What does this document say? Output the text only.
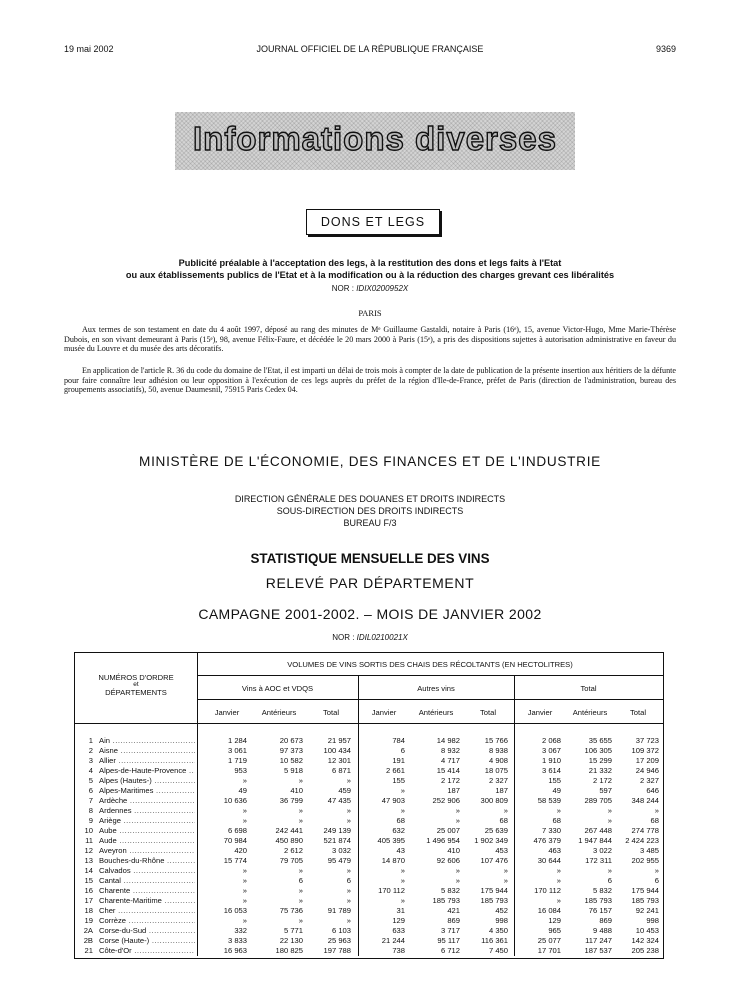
19 mai 2002	JOURNAL OFFICIEL DE LA RÉPUBLIQUE FRANÇAISE	9369
Informations diverses
DONS ET LEGS
Publicité préalable à l'acceptation des legs, à la restitution des dons et legs faits à l'Etat
ou aux établissements publics de l'Etat et à la modification ou à la réduction des charges grevant ces libéralités
NOR : IDIX0200952X
PARIS
Aux termes de son testament en date du 4 août 1997, déposé au rang des minutes de Mᵉ Guillaume Gastaldi, notaire à Paris (16ᵉ), 15, avenue Victor-Hugo, Mme Marie-Thérèse Dubois, en son vivant demeurant à Paris (15ᵉ), 98, avenue Félix-Faure, et décédée le 20 mars 2000 à Paris (15ᵉ), a pris des dispositions sujettes à autorisation administrative en faveur du musée du Louvre et du musée des arts décoratifs.
En application de l'article R. 36 du code du domaine de l'Etat, il est imparti un délai de trois mois à compter de la date de publication de la présente insertion aux héritiers de la défunte pour faire connaître leur adhésion ou leur opposition à l'exécution de ces legs auprès du préfet de la région d'Ile-de-France, préfet de Paris (direction de l'administration, bureau des groupements associatifs), 50, avenue Daumesnil, 75915 Paris Cedex 04.
MINISTÈRE DE L'ÉCONOMIE, DES FINANCES ET DE L'INDUSTRIE
DIRECTION GÉNÉRALE DES DOUANES ET DROITS INDIRECTS
SOUS-DIRECTION DES DROITS INDIRECTS
BUREAU F/3
STATISTIQUE MENSUELLE DES VINS
RELEVÉ PAR DÉPARTEMENT
CAMPAGNE 2001-2002. – MOIS DE JANVIER 2002
NOR : IDIL0210021X
NUMÉROS D'ORDRE
et
DÉPARTEMENTS
VOLUMES DE VINS SORTIS DES CHAIS DES RÉCOLTANTS (EN HECTOLITRES)
Vins à AOC et VDQS	Autres vins	Total
Janvier	Antérieurs	Total	Janvier	Antérieurs	Total	Janvier	Antérieurs	Total
1 Ain .....	1 284	20 673	21 957	784	14 982	15 766	2 068	35 655	37 723
2 Aisne .....	3 061	97 373	100 434	6	8 932	8 938	3 067	106 305	109 372
3 Allier .....	1 719	10 582	12 301	191	4 717	4 908	1 910	15 299	17 209
4 Alpes-de-Haute-Provence .....	953	5 918	6 871	2 661	15 414	18 075	3 614	21 332	24 946
5 Alpes (Hautes-) .....	»	»	»	155	2 172	2 327	155	2 172	2 327
6 Alpes-Maritimes .....	49	410	459	»	187	187	49	597	646
7 Ardèche .....	10 636	36 799	47 435	47 903	252 906	300 809	58 539	289 705	348 244
8 Ardennes .....	»	»	»	»	»	»	»	»	»
9 Ariège .....	»	»	»	68	»	68	68	»	68
10 Aube .....	6 698	242 441	249 139	632	25 007	25 639	7 330	267 448	274 778
11 Aude .....	70 984	450 890	521 874	405 395	1 496 954	1 902 349	476 379	1 947 844	2 424 223
12 Aveyron .....	420	2 612	3 032	43	410	453	463	3 022	3 485
13 Bouches-du-Rhône .....	15 774	79 705	95 479	14 870	92 606	107 476	30 644	172 311	202 955
14 Calvados .....	»	»	»	»	»	»	»	»	»
15 Cantal .....	»	6	6	»	»	»	»	6	6
16 Charente .....	»	»	»	170 112	5 832	175 944	170 112	5 832	175 944
17 Charente-Maritime .....	»	»	»	»	185 793	185 793	»	185 793	185 793
18 Cher .....	16 053	75 736	91 789	31	421	452	16 084	76 157	92 241
19 Corrèze .....	»	»	»	129	869	998	129	869	998
2A Corse-du-Sud .....	332	5 771	6 103	633	3 717	4 350	965	9 488	10 453
2B Corse (Haute-) .....	3 833	22 130	25 963	21 244	95 117	116 361	25 077	117 247	142 324
21 Côte-d'Or .....	16 963	180 825	197 788	738	6 712	7 450	17 701	187 537	205 238
